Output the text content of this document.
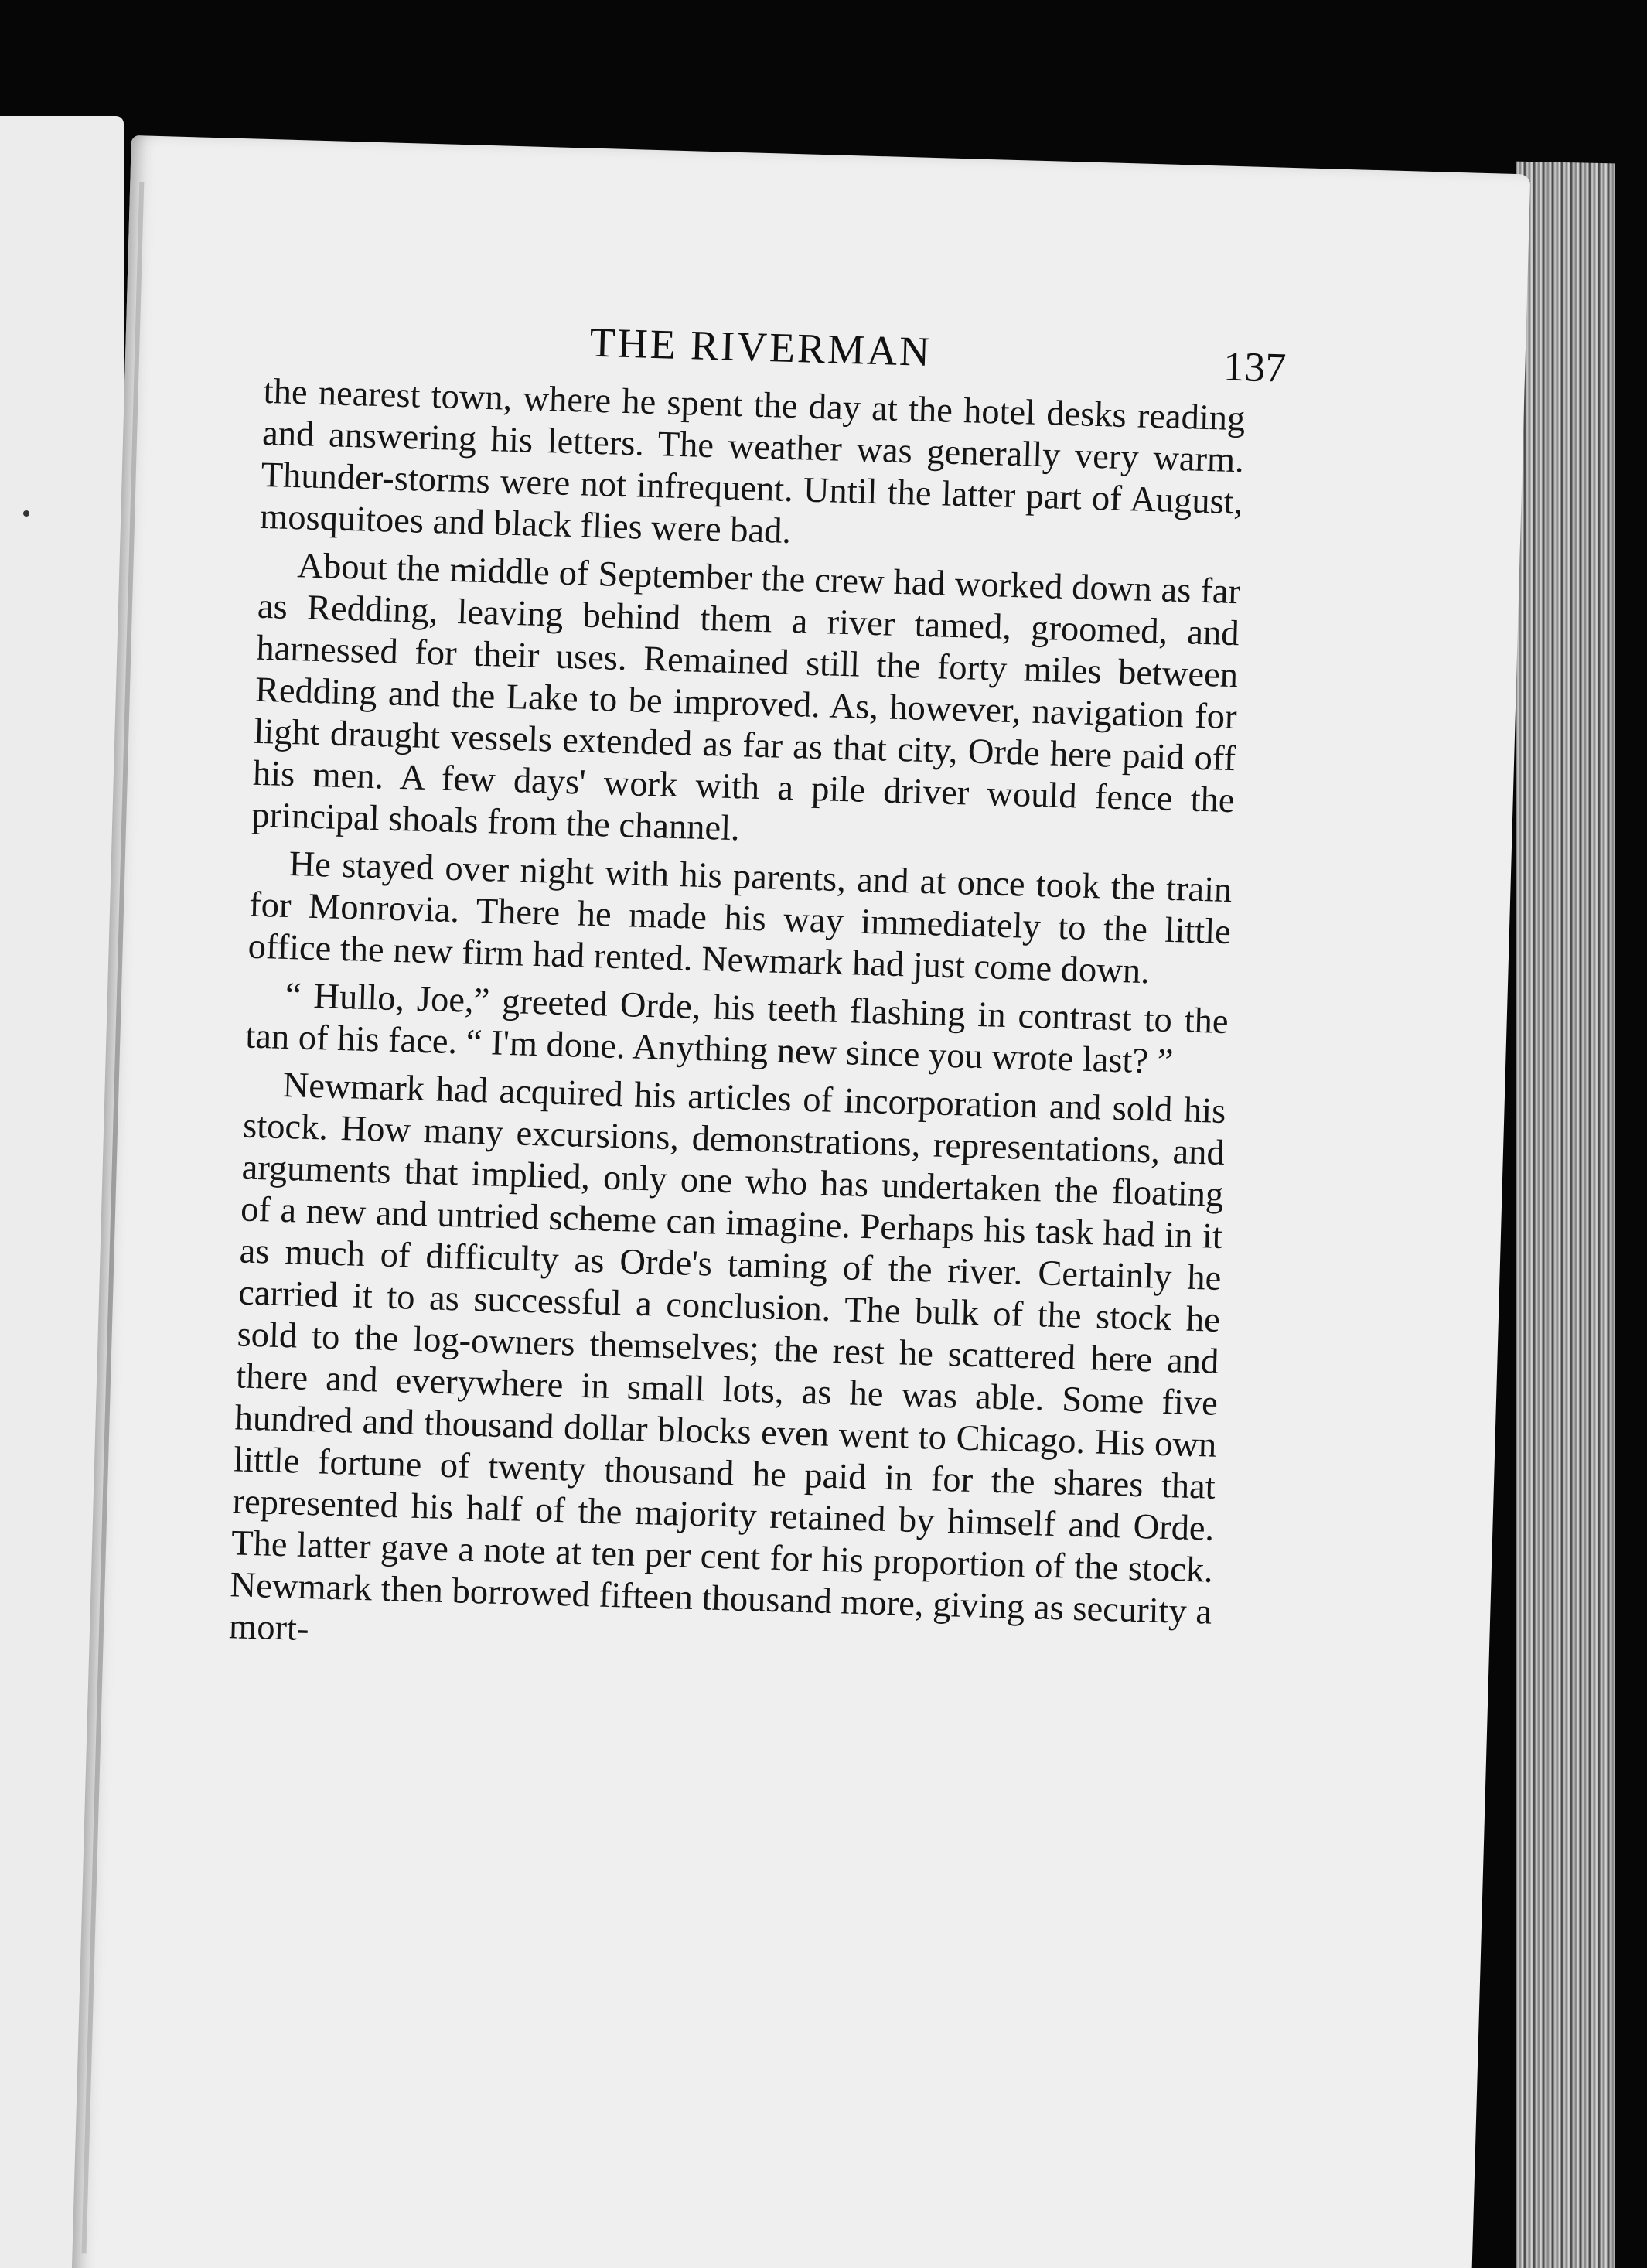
THE RIVERMAN	137

the nearest town, where he spent the day at the hotel desks reading and answering his letters. The weather was generally very warm. Thunder-storms were not infrequent. Until the latter part of August, mosquitoes and black flies were bad.

About the middle of September the crew had worked down as far as Redding, leaving behind them a river tamed, groomed, and harnessed for their uses. Remained still the forty miles between Redding and the Lake to be improved. As, however, navigation for light draught vessels extended as far as that city, Orde here paid off his men. A few days' work with a pile driver would fence the principal shoals from the channel.

He stayed over night with his parents, and at once took the train for Monrovia. There he made his way immediately to the little office the new firm had rented. Newmark had just come down.

“ Hullo, Joe,” greeted Orde, his teeth flashing in contrast to the tan of his face. “ I'm done. Anything new since you wrote last? ”

Newmark had acquired his articles of incorporation and sold his stock. How many excursions, demonstrations, representations, and arguments that implied, only one who has undertaken the floating of a new and untried scheme can imagine. Perhaps his task had in it as much of difficulty as Orde's taming of the river. Certainly he carried it to as successful a conclusion. The bulk of the stock he sold to the log-owners themselves; the rest he scattered here and there and everywhere in small lots, as he was able. Some five hundred and thousand dollar blocks even went to Chicago. His own little fortune of twenty thousand he paid in for the shares that represented his half of the majority retained by himself and Orde. The latter gave a note at ten per cent for his proportion of the stock. Newmark then borrowed fifteen thousand more, giving as security a mort-
